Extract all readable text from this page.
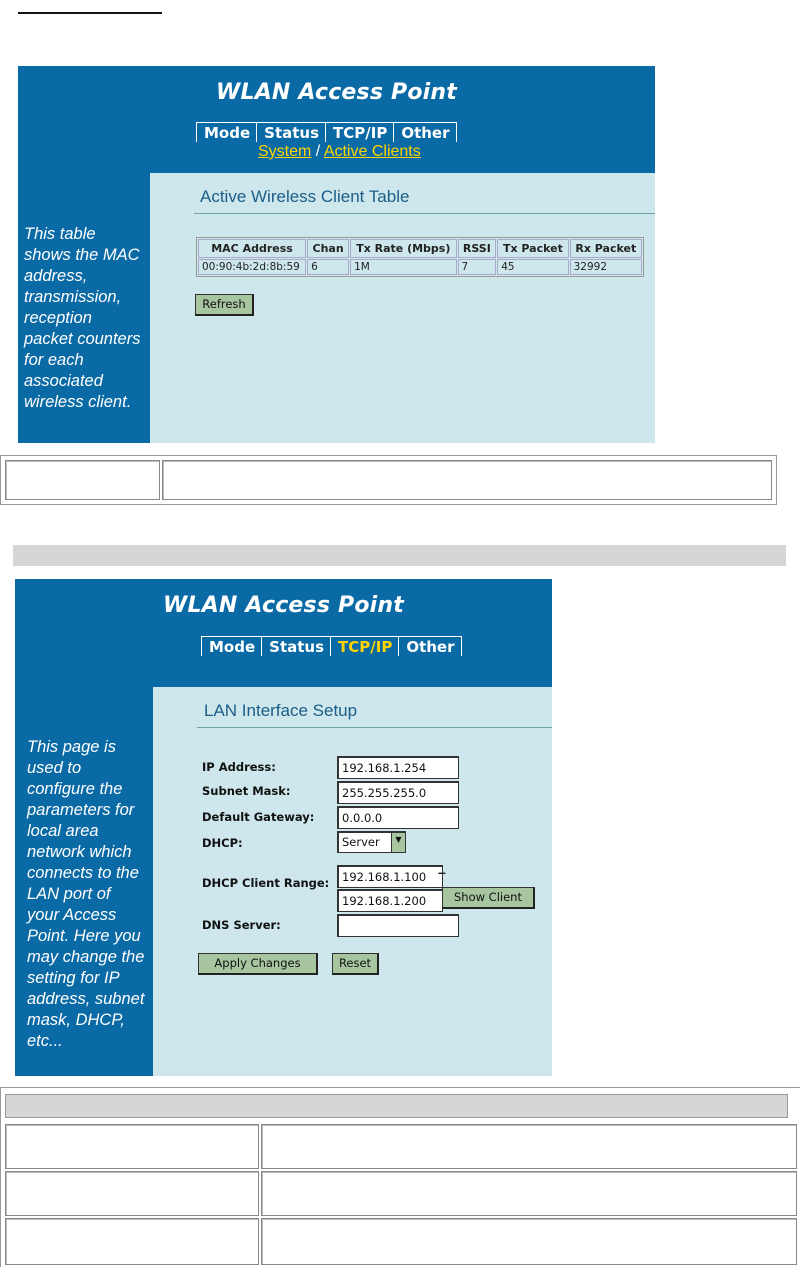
WLAN Access Point
Mode Status TCP/IP Other
System / Active Clients
This table shows the MAC address, transmission, reception packet counters for each associated wireless client.
Active Wireless Client Table
MAC Address	Chan	Tx Rate (Mbps)	RSSI	Tx Packet	Rx Packet
00:90:4b:2d:8b:59	6	1M	7	45	32992
Refresh
WLAN Access Point
Mode Status TCP/IP Other
This page is used to configure the parameters for local area network which connects to the LAN port of your Access Point. Here you may change the setting for IP address, subnet mask, DHCP, etc...
LAN Interface Setup
IP Address:
192.168.1.254
Subnet Mask:
255.255.255.0
Default Gateway:
0.0.0.0
DHCP:	Server	▼
DHCP Client Range:
192.168.1.100
–
192.168.1.200
Show Client
DNS Server:
Apply Changes	Reset
